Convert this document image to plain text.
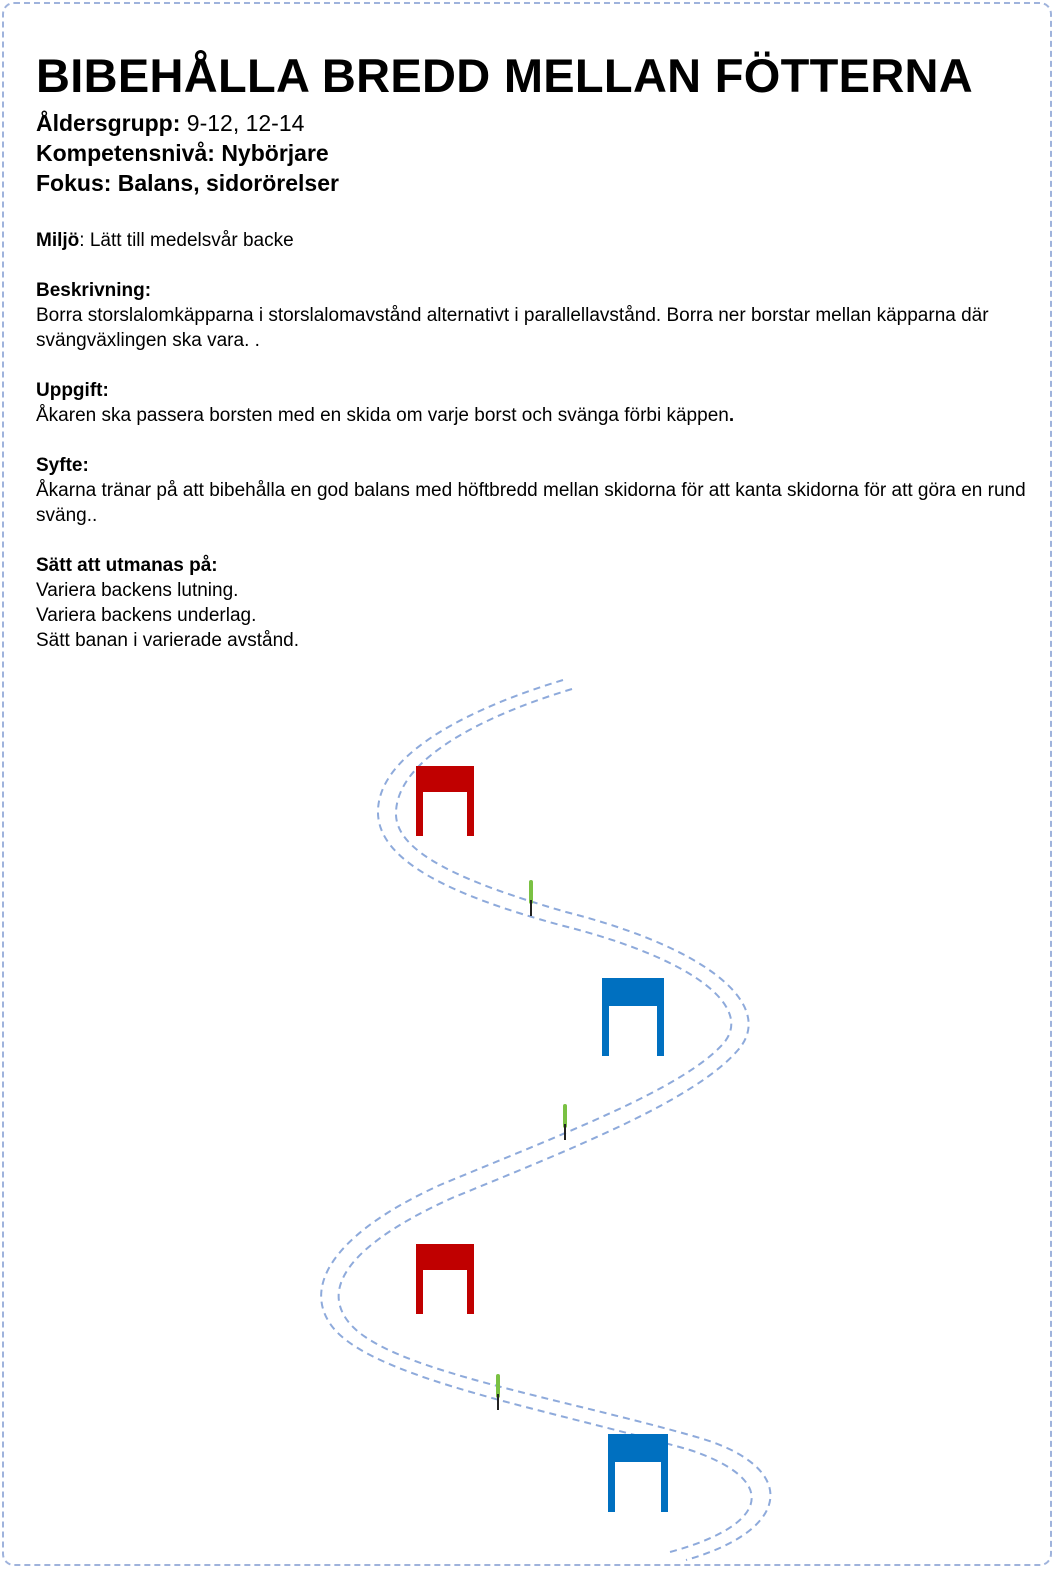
BIBEHÅLLA BREDD MELLAN FÖTTERNA

Åldersgrupp: 9-12, 12-14

Kompetensnivå: Nybörjare

Fokus: Balans, sidorörelser

Miljö: Lätt till medelsvår backe

Beskrivning:

Borra storslalomkäpparna i storslalomavstånd alternativt i parallellavstånd. Borra ner borstar mellan käpparna där svängväxlingen ska vara. .

Uppgift:

Åkaren ska passera borsten med en skida om varje borst och svänga förbi käppen.

Syfte:

Åkarna tränar på att bibehålla en god balans med höftbredd mellan skidorna för att kanta skidorna för att göra en rund sväng..

Sätt att utmanas på:

Variera backens lutning.

Variera backens underlag.

Sätt banan i varierade avstånd.
